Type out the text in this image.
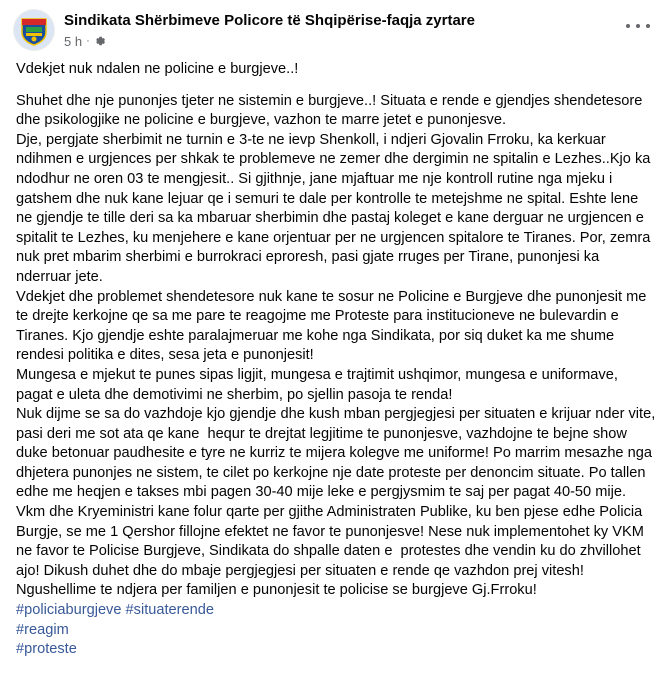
Sindikata Shërbimeve Policore të Shqipërise-faqja zyrtare
5 h ·

Vdekjet nuk ndalen ne policine e burgjeve..!

Shuhet dhe nje punonjes tjeter ne sistemin e burgjeve..! Situata e rende e gjendjes shendetesore dhe psikologjike ne policine e burgjeve, vazhon te marre jetet e punonjesve.

Dje, pergjate sherbimit ne turnin e 3-te ne ievp Shenkoll, i ndjeri Gjovalin Frroku, ka kerkuar ndihmen e urgjences per shkak te problemeve ne zemer dhe dergimin ne spitalin e Lezhes..Kjo ka ndodhur ne oren 03 te mengjesit.. Si gjithnje, jane mjaftuar me nje kontroll rutine nga mjeku i gatshem dhe nuk kane lejuar qe i semuri te dale per kontrolle te metejshme ne spital. Eshte lene ne gjendje te tille deri sa ka mbaruar sherbimin dhe pastaj koleget e kane derguar ne urgjencen e spitalit te Lezhes, ku menjehere e kane orjentuar per ne urgjencen spitalore te Tiranes. Por, zemra nuk pret mbarim sherbimi e burrokraci eproresh, pasi gjate rruges per Tirane, punonjesi ka nderruar jete.

Vdekjet dhe problemet shendetesore nuk kane te sosur ne Policine e Burgjeve dhe punonjesit me te drejte kerkojne qe sa me pare te reagojme me Proteste para institucioneve ne bulevardin e Tiranes. Kjo gjendje eshte paralajmeruar me kohe nga Sindikata, por siq duket ka me shume rendesi politika e dites, sesa jeta e punonjesit!

Mungesa e mjekut te punes sipas ligjit, mungesa e trajtimit ushqimor, mungesa e uniformave, pagat e uleta dhe demotivimi ne sherbim, po sjellin pasoja te renda!

Nuk dijme se sa do vazhdoje kjo gjendje dhe kush mban pergjegjesi per situaten e krijuar nder vite, pasi deri me sot ata qe kane  hequr te drejtat legjitime te punonjesve, vazhdojne te bejne show duke betonuar paudhesite e tyre ne kurriz te mijera kolegve me uniforme! Po marrim mesazhe nga dhjetera punonjes ne sistem, te cilet po kerkojne nje date proteste per denoncim situate. Po tallen edhe me heqjen e takses mbi pagen 30-40 mije leke e pergjysmim te saj per pagat 40-50 mije. Vkm dhe Kryeministri kane folur qarte per gjithe Administraten Publike, ku ben pjese edhe Policia Burgje, se me 1 Qershor fillojne efektet ne favor te punonjesve! Nese nuk implementohet ky VKM ne favor te Policise Burgjeve, Sindikata do shpalle daten e  protestes dhe vendin ku do zhvillohet ajo! Dikush duhet dhe do mbaje pergjegjesi per situaten e rende qe vazhdon prej vitesh!

Ngushellime te ndjera per familjen e punonjesit te policise se burgjeve Gj.Frroku!

#policiaburgjeve #situaterende
#reagim
#proteste
